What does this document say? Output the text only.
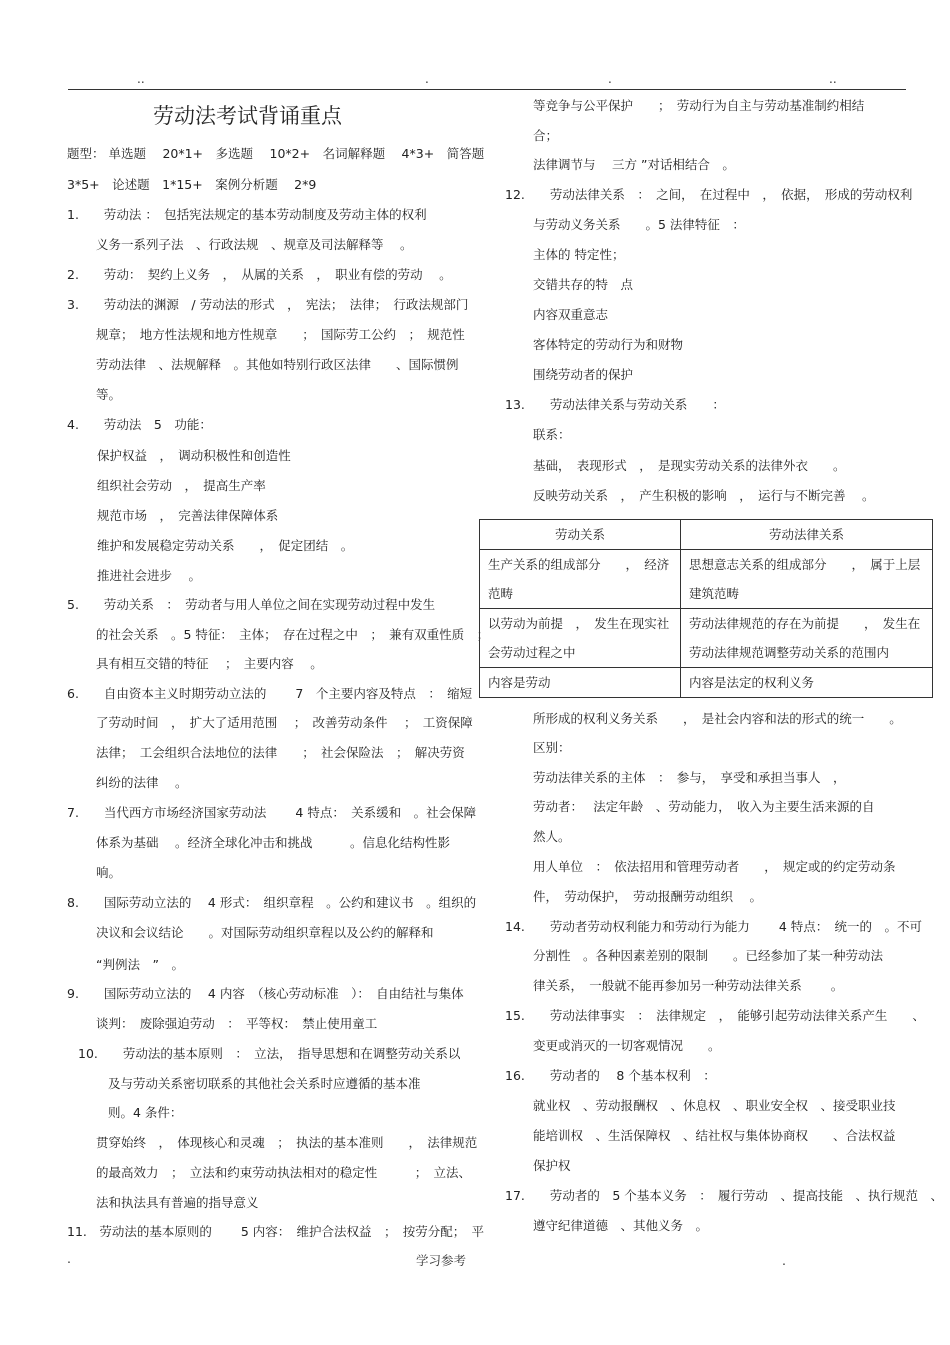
..	.	.	..
劳动法考试背诵重点
题型： 单选题　 20*1+　多选题　 10*2+　名词解释题　 4*3+　简答题
3*5+　论述题　1*15+　案例分析题　 2*9
1.　　劳动法 ：　包括宪法规定的基本劳动制度及劳动主体的权利
义务一系列子法　、行政法规　、规章及司法解释等　 。
2.　　劳动：　契约上义务　，　从属的关系　，　职业有偿的劳动　 。
3.　　劳动法的渊源　/ 劳动法的形式　，　宪法；　法律；　行政法规部门
规章；　地方性法规和地方性规章　　；　国际劳工公约　；　规范性
劳动法律　、法规解释　。其他如特别行政区法律　　、国际惯例
等。
4.　　劳动法　5　功能：
保护权益　，　调动积极性和创造性
组织社会劳动　，　提高生产率
规范市场　，　完善法律保障体系
维护和发展稳定劳动关系　　，　促定团结　。
推进社会进步　 。
5.　　劳动关系　：　劳动者与用人单位之间在实现劳动过程中发生
的社会关系　。5 特征：　主体；　存在过程之中　；　兼有双重性质　；
具有相互交错的特征　 ；　主要内容　 。
6.　　自由资本主义时期劳动立法的　　 7　个主要内容及特点　：　缩短
了劳动时间　，　扩大了适用范围　 ；　改善劳动条件　 ；　工资保障
法律；　工会组织合法地位的法律　　；　社会保险法　；　解决劳资
纠纷的法律　 。
7.　　当代西方市场经济国家劳动法　　 4 特点：　关系缓和　。社会保障
体系为基础　 。经济全球化冲击和挑战　　　。信息化结构性影
响。
8.　　国际劳动立法的　 4 形式：　组织章程　。公约和建议书　。组织的
决议和会议结论　　。对国际劳动组织章程以及公约的解释和
“判例法　”　。
9.　　国际劳动立法的　 4 内容　（核心劳动标准　）：　自由结社与集体
谈判：　废除强迫劳动　：　平等权：　禁止使用童工
10.　　劳动法的基本原则　：　立法，　指导思想和在调整劳动关系以
及与劳动关系密切联系的其他社会关系时应遵循的基本准
则。4 条件：
贯穿始终　，　体现核心和灵魂　；　执法的基本准则　　，　法律规范
的最高效力　；　立法和约束劳动执法相对的稳定性　　　；　立法、
法和执法具有普遍的指导意义
11.　劳动法的基本原则的　　 5 内容：　维护合法权益　；　按劳分配；　平
等竞争与公平保护　　；　劳动行为自主与劳动基准制约相结
合；
法律调节与　 三方 ”对话相结合　。
12.　　劳动法律关系　：　之间，　在过程中　，　依据，　形成的劳动权利
与劳动义务关系　　。5 法律特征　：
主体的 特定性；
交错共存的特　点
内容双重意志
客体特定的劳动行为和财物
围绕劳动者的保护
13.　　劳动法律关系与劳动关系　　：
联系：
基础，　表现形式　，　是现实劳动关系的法律外衣　　。
反映劳动关系　，　产生积极的影响　，　运行与不断完善　 。
劳动关系	劳动法律关系
生产关系的组成部分　　，　经济范畴	思想意志关系的组成部分　　，　属于上层建筑范畴
以劳动为前提　，　发生在现实社会劳动过程之中	劳动法律规范的存在为前提　　，　发生在劳动法律规范调整劳动关系的范围内
内容是劳动	内容是法定的权利义务
所形成的权利义务关系　　，　是社会内容和法的形式的统一　　。
区别：
劳动法律关系的主体　：　参与，　享受和承担当事人　，
劳动者：　 法定年龄　、劳动能力，　收入为主要生活来源的自
然人。
用人单位　：　依法招用和管理劳动者　　，　规定或的约定劳动条
件，　劳动保护，　劳动报酬劳动组织　 。
14.　　劳动者劳动权利能力和劳动行为能力　　 4 特点：　统一的　。不可
分割性　。各种因素差别的限制　　。已经参加了某一种劳动法
律关系，　一般就不能再参加另一种劳动法律关系　　 。
15.　　劳动法律事实　：　法律规定　，　能够引起劳动法律关系产生　　、
变更或消灭的一切客观情况　　。
16.　　劳动者的　 8 个基本权利　：
就业权　、劳动报酬权　、休息权　、职业安全权　、接受职业技
能培训权　、生活保障权　、结社权与集体协商权　　、合法权益
保护权
17.　　劳动者的　5 个基本义务　：　履行劳动　、提高技能　、执行规范　、
遵守纪律道德　、其他义务　。
.	学习参考	.
